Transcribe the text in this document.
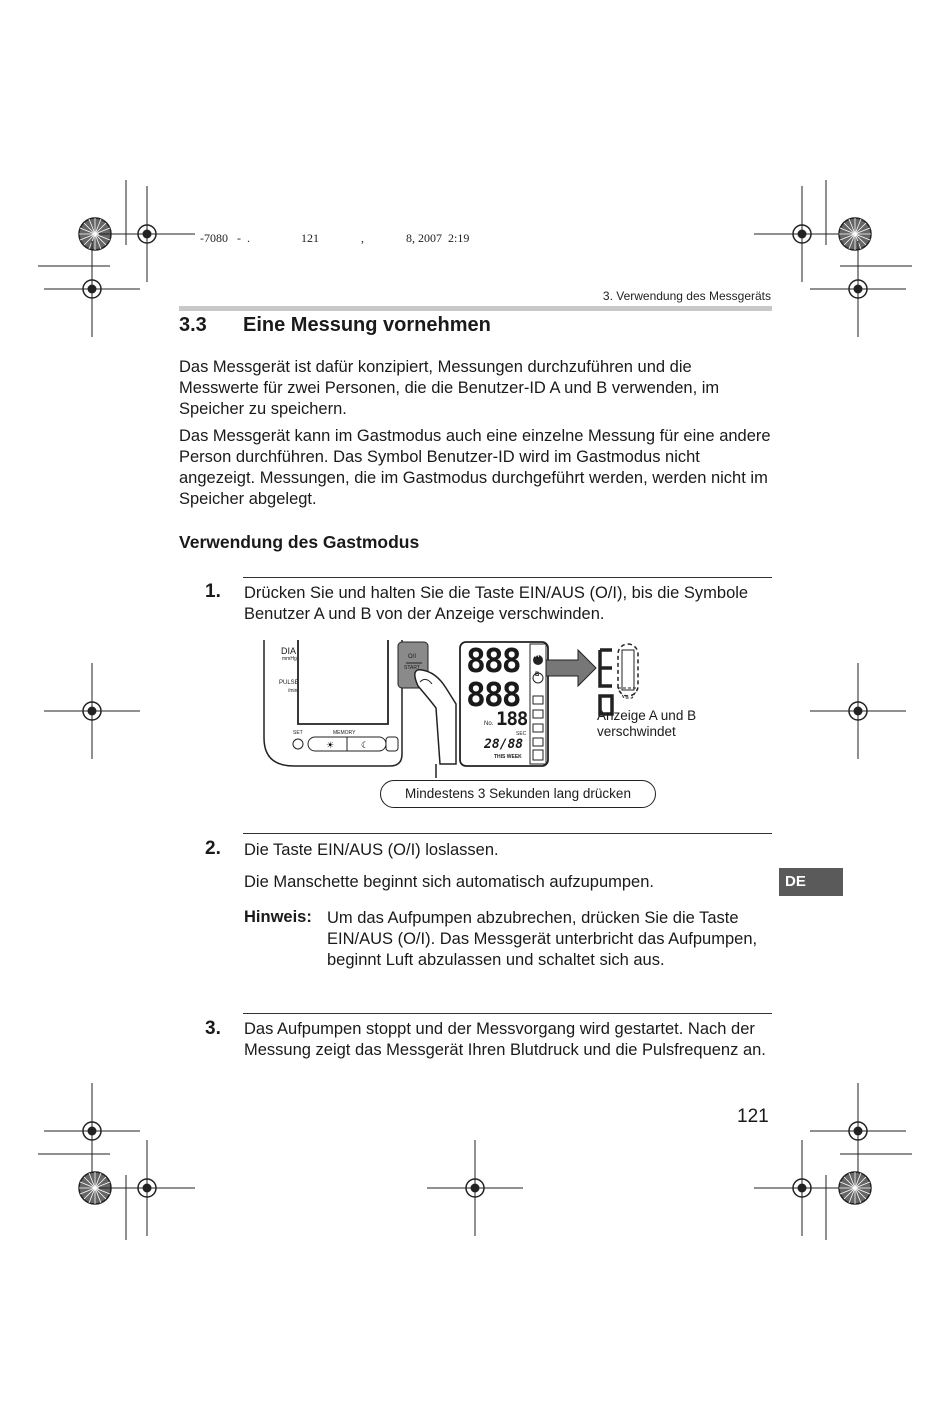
-7080   -  .                 121              ,              8, 2007  2:19
3. Verwendung des Messgeräts
3.3 Eine Messung vornehmen

Das Messgerät ist dafür konzipiert, Messungen durchzuführen und die Messwerte für zwei Personen, die die Benutzer-ID A und B verwenden, im Speicher zu speichern.

Das Messgerät kann im Gastmodus auch eine einzelne Messung für eine andere Person durchführen. Das Symbol Benutzer-ID wird im Gastmodus nicht angezeigt. Messungen, die im Gastmodus durchgeführt werden, werden nicht im Speicher abgelegt.

Verwendung des Gastmodus
1. Drücken Sie und halten Sie die Taste EIN/AUS (O/I), bis die Symbole Benutzer A und B von der Anzeige verschwinden.

☀	☾
DIA
mmHg
PULSE
/min
SET	MEMORY
O/I
START 888
888
No. 188
SEC
28/88
THIS WEEK
A
B
Anzeige A und B verschwindet
Mindestens 3 Sekunden lang drücken
2. Die Taste EIN/AUS (O/I) loslassen.

Die Manschette beginnt sich automatisch aufzupumpen.

Hinweis: Um das Aufpumpen abzubrechen, drücken Sie die Taste EIN/AUS (O/I). Das Messgerät unterbricht das Aufpumpen, beginnt Luft abzulassen und schaltet sich aus.

DE
3. Das Aufpumpen stoppt und der Messvorgang wird gestartet. Nach der Messung zeigt das Messgerät Ihren Blutdruck und die Pulsfrequenz an.

121
